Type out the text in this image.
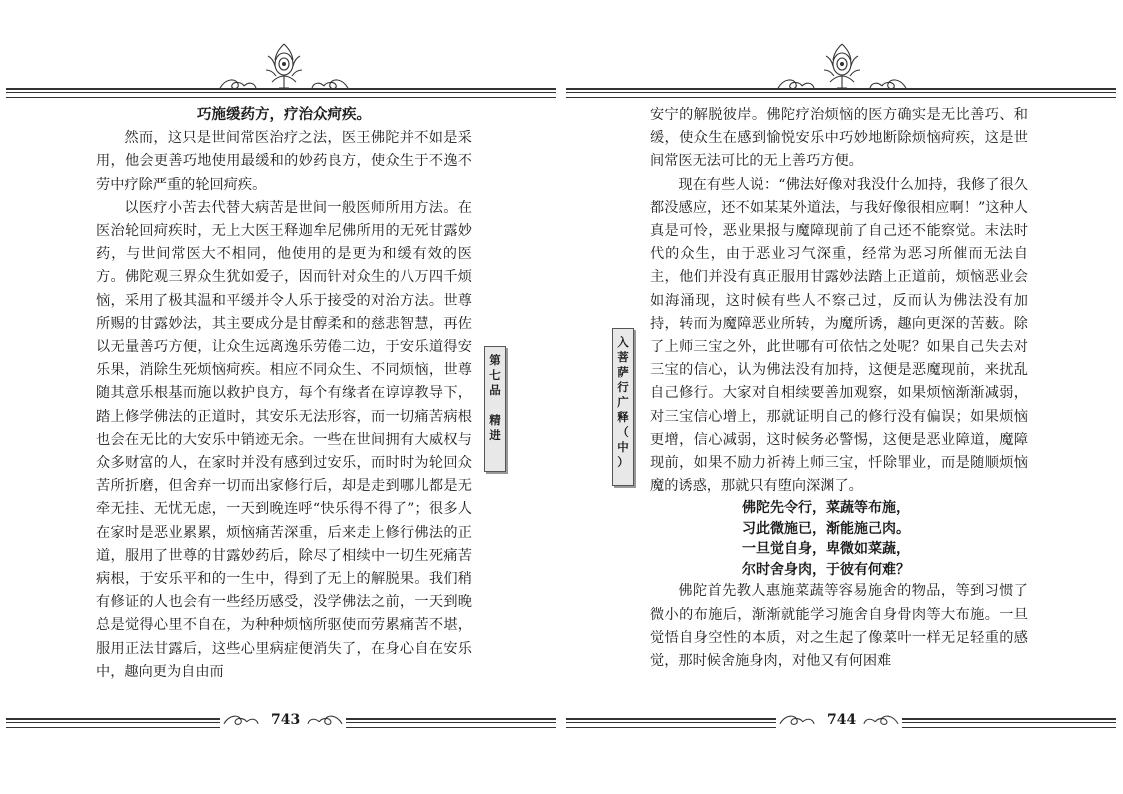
巧施缓药方，疗治众疴疾。

然而，这只是世间常医治疗之法，医王佛陀并不如是采用，他会更善巧地使用最缓和的妙药良方，使众生于不逸不劳中疗除严重的轮回疴疾。

以医疗小苦去代替大病苦是世间一般医师所用方法。在医治轮回疴疾时，无上大医王释迦牟尼佛所用的无死甘露妙药，与世间常医大不相同，他使用的是更为和缓有效的医方。佛陀观三界众生犹如爱子，因而针对众生的八万四千烦恼，采用了极其温和平缓并令人乐于接受的对治方法。世尊所赐的甘露妙法，其主要成分是甘醇柔和的慈悲智慧，再佐以无量善巧方便，让众生远离逸乐劳倦二边，于安乐道得安乐果，消除生死烦恼疴疾。相应不同众生、不同烦恼，世尊随其意乐根基而施以救护良方，每个有缘者在谆谆教导下，踏上修学佛法的正道时，其安乐无法形容，而一切痛苦病根也会在无比的大安乐中销迹无余。一些在世间拥有大威权与众多财富的人，在家时并没有感到过安乐，而时时为轮回众苦所折磨，但舍弃一切而出家修行后，却是走到哪儿都是无牵无挂、无忧无虑，一天到晚连呼“快乐得不得了”；很多人在家时是恶业累累，烦恼痛苦深重，后来走上修行佛法的正道，服用了世尊的甘露妙药后，除尽了相续中一切生死痛苦病根，于安乐平和的一生中，得到了无上的解脱果。我们稍有修证的人也会有一些经历感受，没学佛法之前，一天到晚总是觉得心里不自在，为种种烦恼所驱使而劳累痛苦不堪，服用正法甘露后，这些心里病症便消失了，在身心自在安乐中，趣向更为自由而

第
七
品

精
进
743
入
菩
萨
行
广
释
（
中
）

安宁的解脱彼岸。佛陀疗治烦恼的医方确实是无比善巧、和缓，使众生在感到愉悦安乐中巧妙地断除烦恼疴疾，这是世间常医无法可比的无上善巧方便。

现在有些人说：“佛法好像对我没什么加持，我修了很久都没感应，还不如某某外道法，与我好像很相应啊！”这种人真是可怜，恶业果报与魔障现前了自己还不能察觉。末法时代的众生，由于恶业习气深重，经常为恶习所催而无法自主，他们并没有真正服用甘露妙法踏上正道前，烦恼恶业会如海涌现，这时候有些人不察己过，反而认为佛法没有加持，转而为魔障恶业所转，为魔所诱，趣向更深的苦薮。除了上师三宝之外，此世哪有可依怙之处呢？如果自己失去对三宝的信心，认为佛法没有加持，这便是恶魔现前，来扰乱自己修行。大家对自相续要善加观察，如果烦恼渐渐减弱，对三宝信心增上，那就证明自己的修行没有偏误；如果烦恼更增，信心减弱，这时候务必警惕，这便是恶业障道，魔障现前，如果不励力祈祷上师三宝，忏除罪业，而是随顺烦恼魔的诱惑，那就只有堕向深渊了。

佛陀先令行，菜蔬等布施，
习此微施已，渐能施己肉。
一旦觉自身，卑微如菜蔬，
尔时舍身肉，于彼有何难？

佛陀首先教人惠施菜蔬等容易施舍的物品，等到习惯了微小的布施后，渐渐就能学习施舍自身骨肉等大布施。一旦觉悟自身空性的本质，对之生起了像菜叶一样无足轻重的感觉，那时候舍施身肉，对他又有何困难

744
